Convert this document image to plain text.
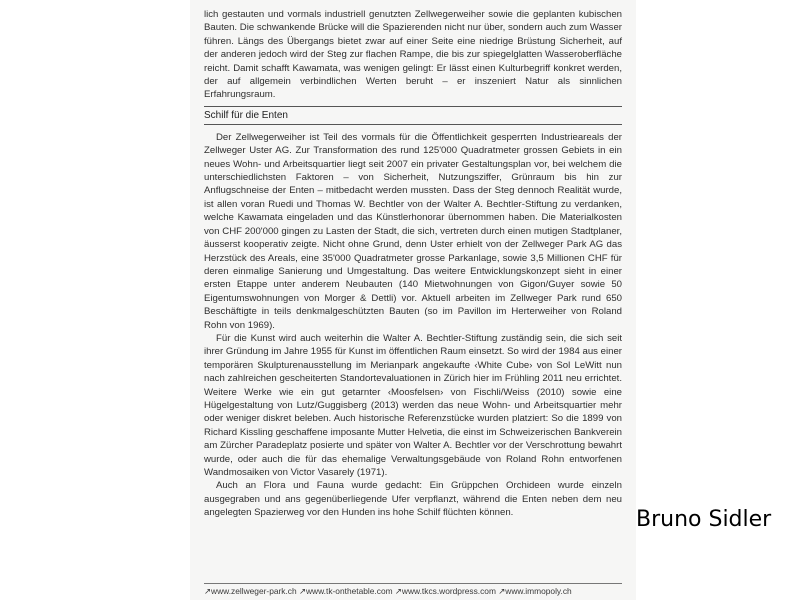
lich gestauten und vormals industriell genutzten Zellwegerweiher sowie die geplanten kubischen Bauten. Die schwankende Brücke will die Spazierenden nicht nur über, sondern auch zum Wasser führen. Längs des Übergangs bietet zwar auf einer Seite eine niedrige Brüstung Sicherheit, auf der anderen jedoch wird der Steg zur flachen Rampe, die bis zur spiegelglatten Wasseroberfläche reicht. Damit schafft Kawamata, was wenigen gelingt: Er lässt einen Kulturbegriff konkret werden, der auf allgemein verbindlichen Werten beruht – er inszeniert Natur als sinnlichen Erfahrungsraum.

Schilf für die Enten

Der Zellwegerweiher ist Teil des vormals für die Öffentlichkeit gesperrten Industrieareals der Zellweger Uster AG. Zur Transformation des rund 125'000 Quadratmeter grossen Gebiets in ein neues Wohn- und Arbeitsquartier liegt seit 2007 ein privater Gestaltungsplan vor, bei welchem die unterschiedlichsten Faktoren – von Sicherheit, Nutzungsziffer, Grünraum bis hin zur Anflugschneise der Enten – mitbedacht werden mussten. Dass der Steg dennoch Realität wurde, ist allen voran Ruedi und Thomas W. Bechtler von der Walter A. Bechtler-Stiftung zu verdanken, welche Kawamata eingeladen und das Künstlerhonorar übernommen haben. Die Materialkosten von CHF 200'000 gingen zu Lasten der Stadt, die sich, vertreten durch einen mutigen Stadtplaner, äusserst kooperativ zeigte. Nicht ohne Grund, denn Uster erhielt von der Zellweger Park AG das Herzstück des Areals, eine 35'000 Quadratmeter grosse Parkanlage, sowie 3,5 Millionen CHF für deren einmalige Sanierung und Umgestaltung. Das weitere Entwicklungskonzept sieht in einer ersten Etappe unter anderem Neubauten (140 Mietwohnungen von Gigon/Guyer sowie 50 Eigentumswohnungen von Morger & Dettli) vor. Aktuell arbeiten im Zellweger Park rund 650 Beschäftigte in teils denkmalgeschützten Bauten (so im Pavillon im Herterweiher von Roland Rohn von 1969).

Für die Kunst wird auch weiterhin die Walter A. Bechtler-Stiftung zuständig sein, die sich seit ihrer Gründung im Jahre 1955 für Kunst im öffentlichen Raum einsetzt. So wird der 1984 aus einer temporären Skulpturenausstellung im Merianpark angekaufte ‹White Cube› von Sol LeWitt nun nach zahlreichen gescheiterten Standortevaluationen in Zürich hier im Frühling 2011 neu errichtet. Weitere Werke wie ein gut getarnter ‹Moosfelsen› von Fischli/Weiss (2010) sowie eine Hügelgestaltung von Lutz/Guggisberg (2013) werden das neue Wohn- und Arbeitsquartier mehr oder weniger diskret beleben. Auch historische Referenzstücke wurden platziert: So die 1899 von Richard Kissling geschaffene imposante Mutter Helvetia, die einst im Schweizerischen Bankverein am Zürcher Paradeplatz posierte und später von Walter A. Bechtler vor der Verschrottung bewahrt wurde, oder auch die für das ehemalige Verwaltungsgebäude von Roland Rohn entworfenen Wandmosaiken von Victor Vasarely (1971).

Auch an Flora und Fauna wurde gedacht: Ein Grüppchen Orchideen wurde einzeln ausgegraben und ans gegenüberliegende Ufer verpflanzt, während die Enten neben dem neu angelegten Spazierweg vor den Hunden ins hohe Schilf flüchten können.

↗www.zellweger-park.ch ↗www.tk-onthetable.com ↗www.tkcs.wordpress.com ↗www.immopoly.ch
Bruno Sidler
